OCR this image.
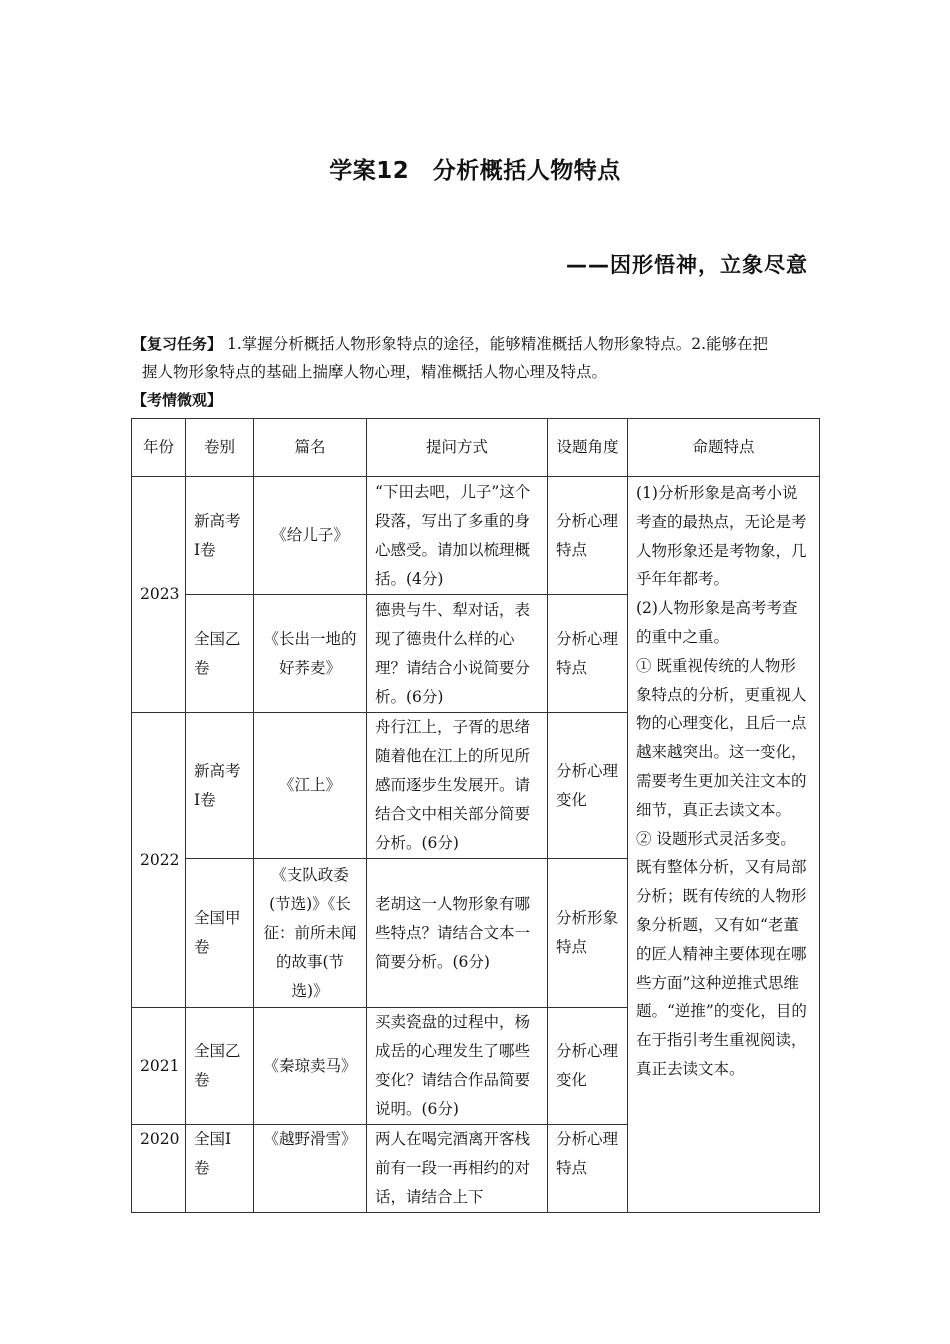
学案12　分析概括人物特点
——因形悟神，立象尽意
【复习任务】 1.掌握分析概括人物形象特点的途径，能够精准概括人物形象特点。2.能够在把
握人物形象特点的基础上揣摩人物心理，精准概括人物心理及特点。
【考情微观】
年份	卷别	篇名	提问方式	设题角度	命题特点
2023	新高考Ⅰ卷	《给儿子》	“下田去吧，儿子”这个段落，写出了多重的身心感受。请加以梳理概括。(4分)	分析心理特点	(1)分析形象是高考小说考查的最热点，无论是考人物形象还是考物象，几乎年年都考。

(2)人物形象是高考考查的重中之重。

① 既重视传统的人物形象特点的分析，更重视人物的心理变化，且后一点越来越突出。这一变化，需要考生更加关注文本的细节，真正去读文本。

② 设题形式灵活多变。既有整体分析，又有局部分析；既有传统的人物形象分析题，又有如“老董的匠人精神主要体现在哪些方面”这种逆推式思维题。“逆推”的变化，目的在于指引考生重视阅读，真正去读文本。

	全国乙卷	《长出一地的好荞麦》	德贵与牛、犁对话，表现了德贵什么样的心理？请结合小说简要分析。(6分)	分析心理特点	
2022	新高考Ⅰ卷	《江上》	舟行江上，子胥的思绪随着他在江上的所见所感而逐步生发展开。请结合文中相关部分简要分析。(6分)	分析心理变化	
	全国甲卷	《支队政委(节选)》《长征：前所未闻的故事(节选)》	老胡这一人物形象有哪些特点？请结合文本一简要分析。(6分)	分析形象特点	
2021	全国乙卷	《秦琼卖马》	买卖瓷盘的过程中，杨成岳的心理发生了哪些变化？请结合作品简要说明。(6分)	分析心理变化	
2020	全国Ⅰ卷	《越野滑雪》	两人在喝完酒离开客栈前有一段一再相约的对话，请结合上下	分析心理特点	
